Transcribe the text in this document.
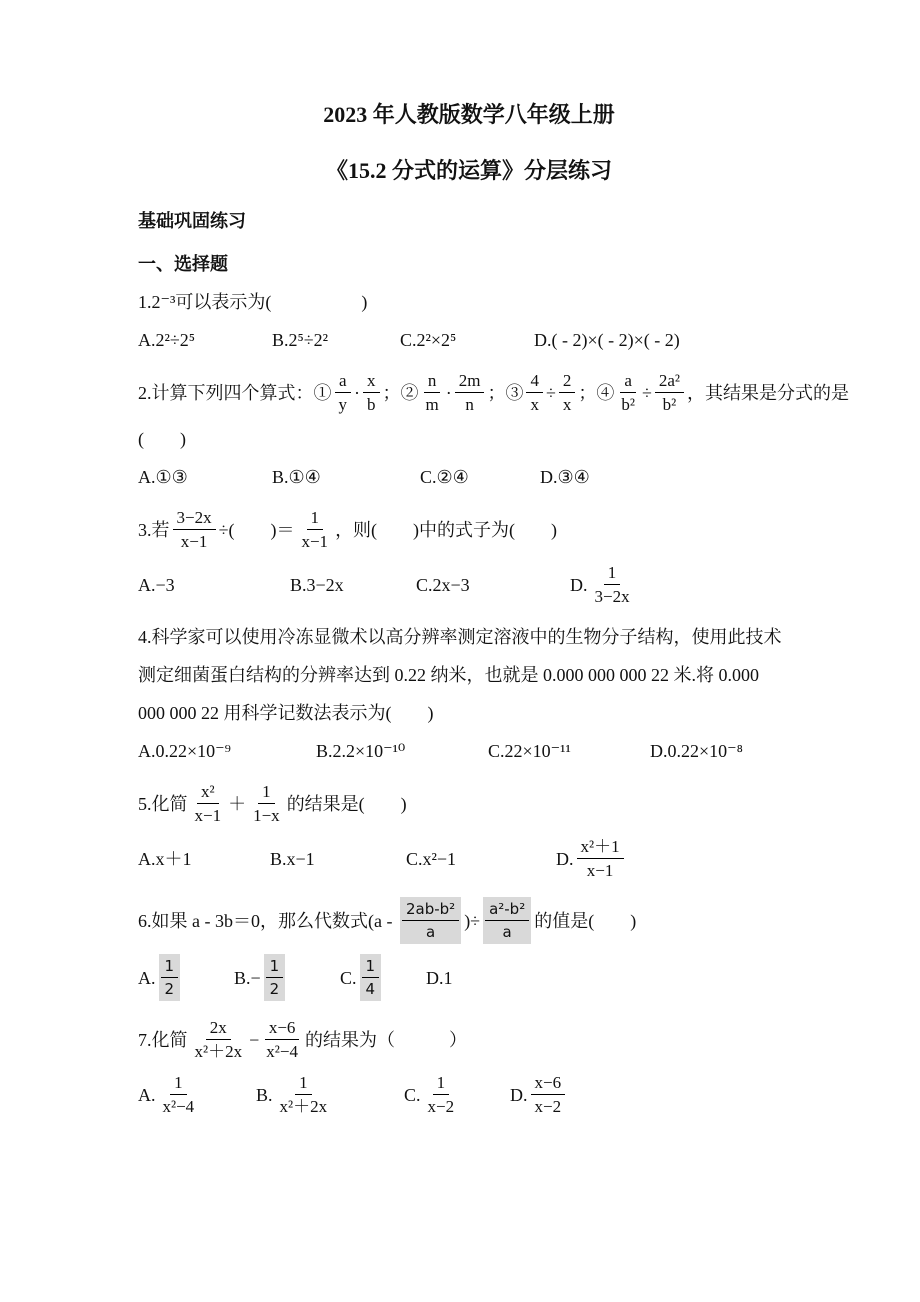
2023 年人教版数学八年级上册
《15.2 分式的运算》分层练习
基础巩固练习
一、选择题
1.2⁻³可以表示为(　　　　　)
A.2²÷2⁵	B.2⁵÷2²	C.2²×2⁵	D.( - 2)×( - 2)×( - 2)
2.计算下列四个算式：① $\frac{a}{y} \cdot \frac{x}{b}$ ；② $\frac{n}{m} \cdot \frac{2m}{n}$ ；③ $\frac{4}{x} \div \frac{2}{x}$ ；④ $\frac{a}{\text{b²}} \div \frac{\text{2a²}}{\text{b²}}$ ，其结果是分式的是
(　　)
A.①③	B.①④	C.②④	D.③④
3.若 $\frac{3-2x}{x-1}$ ÷(　　)＝ $\frac{1}{x-1}$ ，则(　　)中的式子为(　　)
A.−3	B.3−2x	C.2x−3	D. $\frac{1}{3-2x}$
4.科学家可以使用冷冻显微术以高分辨率测定溶液中的生物分子结构，使用此技术
测定细菌蛋白结构的分辨率达到 0.22 纳米，也就是 0.000 000 000 22 米.将 0.000
000 000 22 用科学记数法表示为(　　)
A.0.22×10⁻⁹	B.2.2×10⁻¹⁰	C.22×10⁻¹¹	D.0.22×10⁻⁸
5.化简 $\frac{\text{x²}}{x-1} + \frac{1}{1-x}$ 的结果是(　　)
A.x＋1	B.x−1	C.x²−1	D. $\frac{\text{x²＋1}}{x-1}$
6.如果 a - 3b＝0，那么代数式($a - \frac{\text{2ab-b²}}{a}$ )÷ $\frac{\text{a²-b²}}{a}$ 的值是(　　)
A. $\frac{1}{2}$	$B.- \frac{1}{2}$	C. $\frac{1}{4} D.1$
7.化简 $\frac{2x}{\text{x²＋2x}} - \frac{x-6}{\text{x²−4}}$ 的结果为（　　　）
A. $\frac{1}{\text{x²−4}}$	B. $\frac{1}{\text{x²＋2x}}$	C. $\frac{1}{x-2}$	D. $\frac{x-6}{x-2}$
